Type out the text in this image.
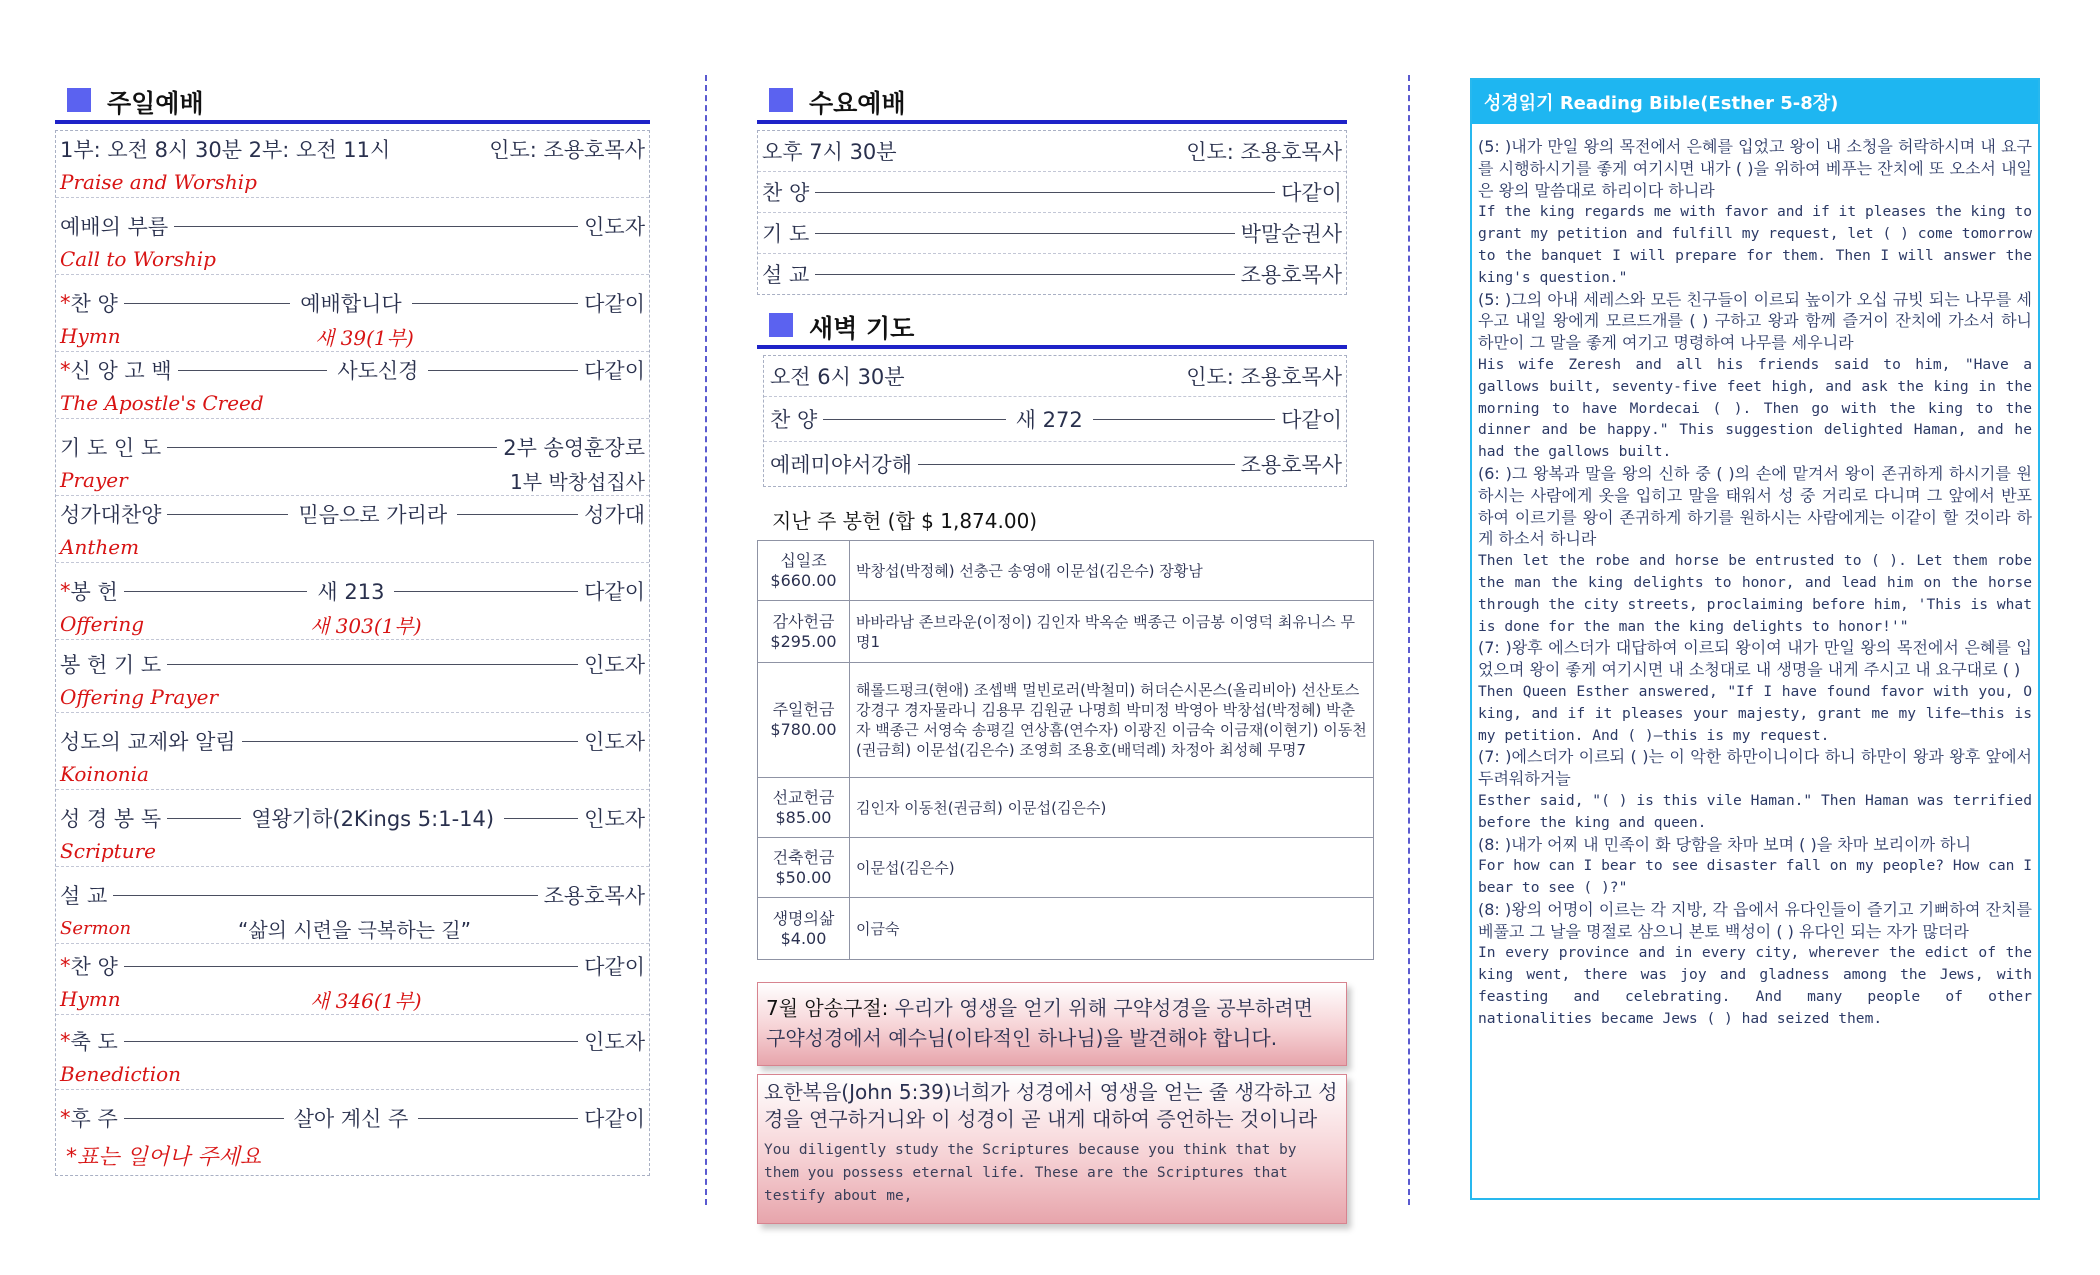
주일예배
1부: 오전 8시 30분 2부: 오전 11시	인도: 조용호목사
Praise and Worship
예배의 부름	인도자
Call to Worship
* 찬 양	예배합니다	다같이
Hymn	새 39(1부)
* 신 앙 고 백	사도신경	다같이
The Apostle's Creed
기 도 인 도	2부 송영훈장로
Prayer	1부 박창섭집사
성가대찬양	믿음으로 가리라	성가대
Anthem
* 봉 헌	새 213	다같이
Offering	새 303(1부)
봉 헌 기 도	인도자
Offering Prayer
성도의 교제와 알림	인도자
Koinonia
성 경 봉 독	열왕기하(2Kings 5:1-14)	인도자
Scripture
설 교	조용호목사
Sermon	“삶의 시련을 극복하는 길”
* 찬 양	다같이
Hymn	새 346(1부)
* 축 도	인도자
Benediction
* 후 주	살아 계신 주	다같이
*표는 일어나 주세요
수요예배
오후 7시 30분	인도: 조용호목사
찬 양	다같이
기 도	박말순권사
설 교	조용호목사
새벽 기도
오전 6시 30분	인도: 조용호목사
찬 양	새 272	다같이
예레미야서강해	조용호목사
지난 주 봉헌 (합 $ 1,874.00)
십일조
$660.00	박창섭(박정혜) 선충근 송영애 이문섭(김은수) 장황남

감사헌금
$295.00	바바라남 존브라운(이정이) 김인자 박옥순 백종근 이금봉 이영덕 최유니스 무명1

주일헌금
$780.00	해롤드펑크(현애) 조셉백 멀빈로러(박철미) 허더슨시몬스(올리비아) 선산토스 강경구 경자물라니 김용무 김원균 나명희 박미정 박영아 박창섭(박정혜) 박춘자 백종근 서영숙 송평길 연상흠(연수자) 이광진 이금숙 이금재(이현기) 이동천(권금희) 이문섭(김은수) 조영희 조용호(배덕례) 차정아 최성혜 무명7

선교헌금
$85.00	김인자 이동천(권금희) 이문섭(김은수)

건축헌금
$50.00	이문섭(김은수)

생명의삶
$4.00	이금숙
7월 암송구절: 우리가 영생을 얻기 위해 구약성경을 공부하려면 구약성경에서 예수님(이타적인 하나님)을 발견해야 합니다.
요한복음(John 5:39)너희가 성경에서 영생을 얻는 줄 생각하고 성경을 연구하거니와 이 성경이 곧 내게 대하여 증언하는 것이니라
You diligently study the Scriptures because you think that by them you possess eternal life. These are the Scriptures that testify about me,
성경읽기 Reading Bible(Esther 5-8장)

(5: )내가 만일 왕의 목전에서 은혜를 입었고 왕이 내 소청을 허락하시며 내 요구를 시행하시기를 좋게 여기시면 내가 ( )을 위하여 베푸는 잔치에 또 오소서 내일은 왕의 말씀대로 하리이다 하니라

If the king regards me with favor and if it pleases the king to grant my petition and fulfill my request, let ( ) come tomorrow to the banquet I will prepare for them. Then I will answer the king's question."

(5: )그의 아내 세레스와 모든 친구들이 이르되 높이가 오십 규빗 되는 나무를 세우고 내일 왕에게 모르드개를 ( ) 구하고 왕과 함께 즐거이 잔치에 가소서 하니 하만이 그 말을 좋게 여기고 명령하여 나무를 세우니라

His wife Zeresh and all his friends said to him, "Have a gallows built, seventy-five feet high, and ask the king in the morning to have Mordecai ( ). Then go with the king to the dinner and be happy." This suggestion delighted Haman, and he had the gallows built.

(6: )그 왕복과 말을 왕의 신하 중 ( )의 손에 맡겨서 왕이 존귀하게 하시기를 원하시는 사람에게 옷을 입히고 말을 태워서 성 중 거리로 다니며 그 앞에서 반포하여 이르기를 왕이 존귀하게 하기를 원하시는 사람에게는 이같이 할 것이라 하게 하소서 하니라

Then let the robe and horse be entrusted to ( ). Let them robe the man the king delights to honor, and lead him on the horse through the city streets, proclaiming before him, 'This is what is done for the man the king delights to honor!'"

(7: )왕후 에스더가 대답하여 이르되 왕이여 내가 만일 왕의 목전에서 은혜를 입었으며 왕이 좋게 여기시면 내 소청대로 내 생명을 내게 주시고 내 요구대로 ( )

Then Queen Esther answered, "If I have found favor with you, O king, and if it pleases your majesty, grant me my life—this is my petition. And ( )—this is my request.

(7: )에스더가 이르되 ( )는 이 악한 하만이니이다 하니 하만이 왕과 왕후 앞에서 두려워하거늘

Esther said, "( ) is this vile Haman." Then Haman was terrified before the king and queen.

(8: )내가 어찌 내 민족이 화 당함을 차마 보며 ( )을 차마 보리이까 하니

For how can I bear to see disaster fall on my people? How can I bear to see ( )?"

(8: )왕의 어명이 이르는 각 지방, 각 읍에서 유다인들이 즐기고 기뻐하여 잔치를 베풀고 그 날을 명절로 삼으니 본토 백성이 ( ) 유다인 되는 자가 많더라

In every province and in every city, wherever the edict of the king went, there was joy and gladness among the Jews, with feasting and celebrating. And many people of other nationalities became Jews ( ) had seized them.
